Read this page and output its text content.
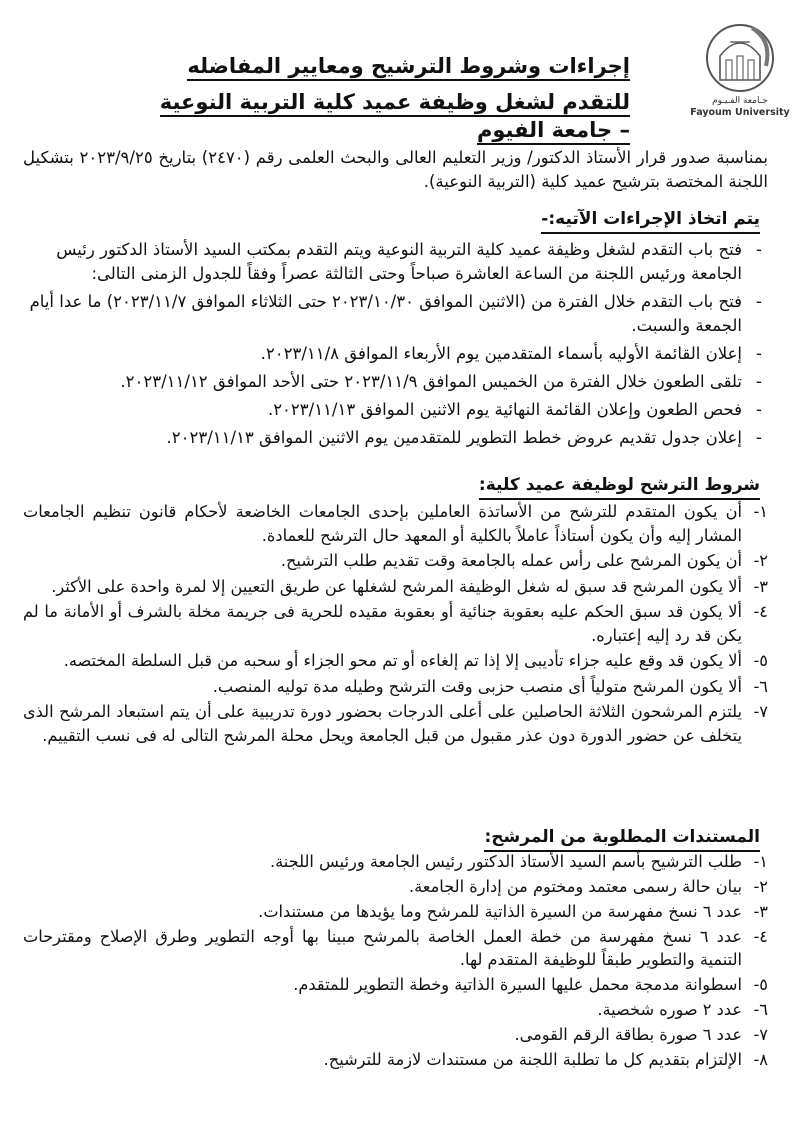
جـامعة الفـيـوم
Fayoum University
إجراءات وشروط الترشيح ومعايير المفاضله
للتقدم لشغل وظيفة عميد كلية التربية النوعية – جامعة الفيوم
بمناسبة صدور قرار الأستاذ الدكتور/ وزير التعليم العالى والبحث العلمى رقم (٢٤٧٠) بتاريخ ٢٠٢٣/٩/٢٥ بتشكيل اللجنة المختصة بترشيح عميد كلية (التربية النوعية).
يتم اتخاذ الإجراءات الآتيه:-
- فتح باب التقدم لشغل وظيفة عميد كلية التربية النوعية ويتم التقدم بمكتب السيد الأستاذ الدكتور رئيس الجامعة ورئيس اللجنة من الساعة العاشرة صباحاً وحتى الثالثة عصراً وفقاً للجدول الزمنى التالى:
- فتح باب التقدم خلال الفترة من (الاثنين الموافق ٢٠٢٣/١٠/٣٠ حتى الثلاثاء الموافق ٢٠٢٣/١١/٧) ما عدا أيام الجمعة والسبت.
- إعلان القائمة الأوليه بأسماء المتقدمين يوم الأربعاء الموافق ٢٠٢٣/١١/٨.
- تلقى الطعون خلال الفترة من الخميس الموافق ٢٠٢٣/١١/٩ حتى الأحد الموافق ٢٠٢٣/١١/١٢.
- فحص الطعون وإعلان القائمة النهائية يوم الاثنين الموافق ٢٠٢٣/١١/١٣.
- إعلان جدول تقديم عروض خطط التطوير للمتقدمين يوم الاثنين الموافق ٢٠٢٣/١١/١٣.
شروط الترشح لوظيفة عميد كلية:
١-
أن يكون المتقدم للترشح من الأساتذة العاملين بإحدى الجامعات الخاضعة لأحكام قانون تنظيم الجامعات المشار إليه وأن يكون أستاذاً عاملاً بالكلية أو المعهد حال الترشح للعمادة.
٢-
أن يكون المرشح على رأس عمله بالجامعة وقت تقديم طلب الترشيح.
٣-
ألا يكون المرشح قد سبق له شغل الوظيفة المرشح لشغلها عن طريق التعيين إلا لمرة واحدة على الأكثر.
٤-
ألا يكون قد سبق الحكم عليه بعقوبة جنائية أو بعقوبة مقيده للحرية فى جريمة مخلة بالشرف أو الأمانة ما لم يكن قد رد إليه إعتباره.
٥-
ألا يكون قد وقع عليه جزاء تأديبى إلا إذا تم إلغاءه أو تم محو الجزاء أو سحبه من قبل السلطة المختصه.
٦-
ألا يكون المرشح متولياً أى منصب حزبى وقت الترشح وطيله مدة توليه المنصب.
٧-
يلتزم المرشحون الثلاثة الحاصلين على أعلى الدرجات بحضور دورة تدريبية على أن يتم استبعاد المرشح الذى يتخلف عن حضور الدورة دون عذر مقبول من قبل الجامعة ويحل محلة المرشح التالى له فى نسب التقييم.
المستندات المطلوبة من المرشح:
١-
طلب الترشيح بأسم السيد الأستاذ الدكتور رئيس الجامعة ورئيس اللجنة.
٢-
بيان حالة رسمى معتمد ومختوم من إدارة الجامعة.
٣-
عدد ٦ نسخ مفهرسة من السيرة الذاتية للمرشح وما يؤيدها من مستندات.
٤-
عدد ٦ نسخ مفهرسة من خطة العمل الخاصة بالمرشح مبينا بها أوجه التطوير وطرق الإصلاح ومقترحات التنمية والتطوير طبقاً للوظيفة المتقدم لها.
٥-
اسطوانة مدمجة محمل عليها السيرة الذاتية وخطة التطوير للمتقدم.
٦-
عدد ٢ صوره شخصية.
٧-
عدد ٦ صورة بطاقة الرقم القومى.
٨-
الإلتزام بتقديم كل ما تطلبة اللجنة من مستندات لازمة للترشيح.
